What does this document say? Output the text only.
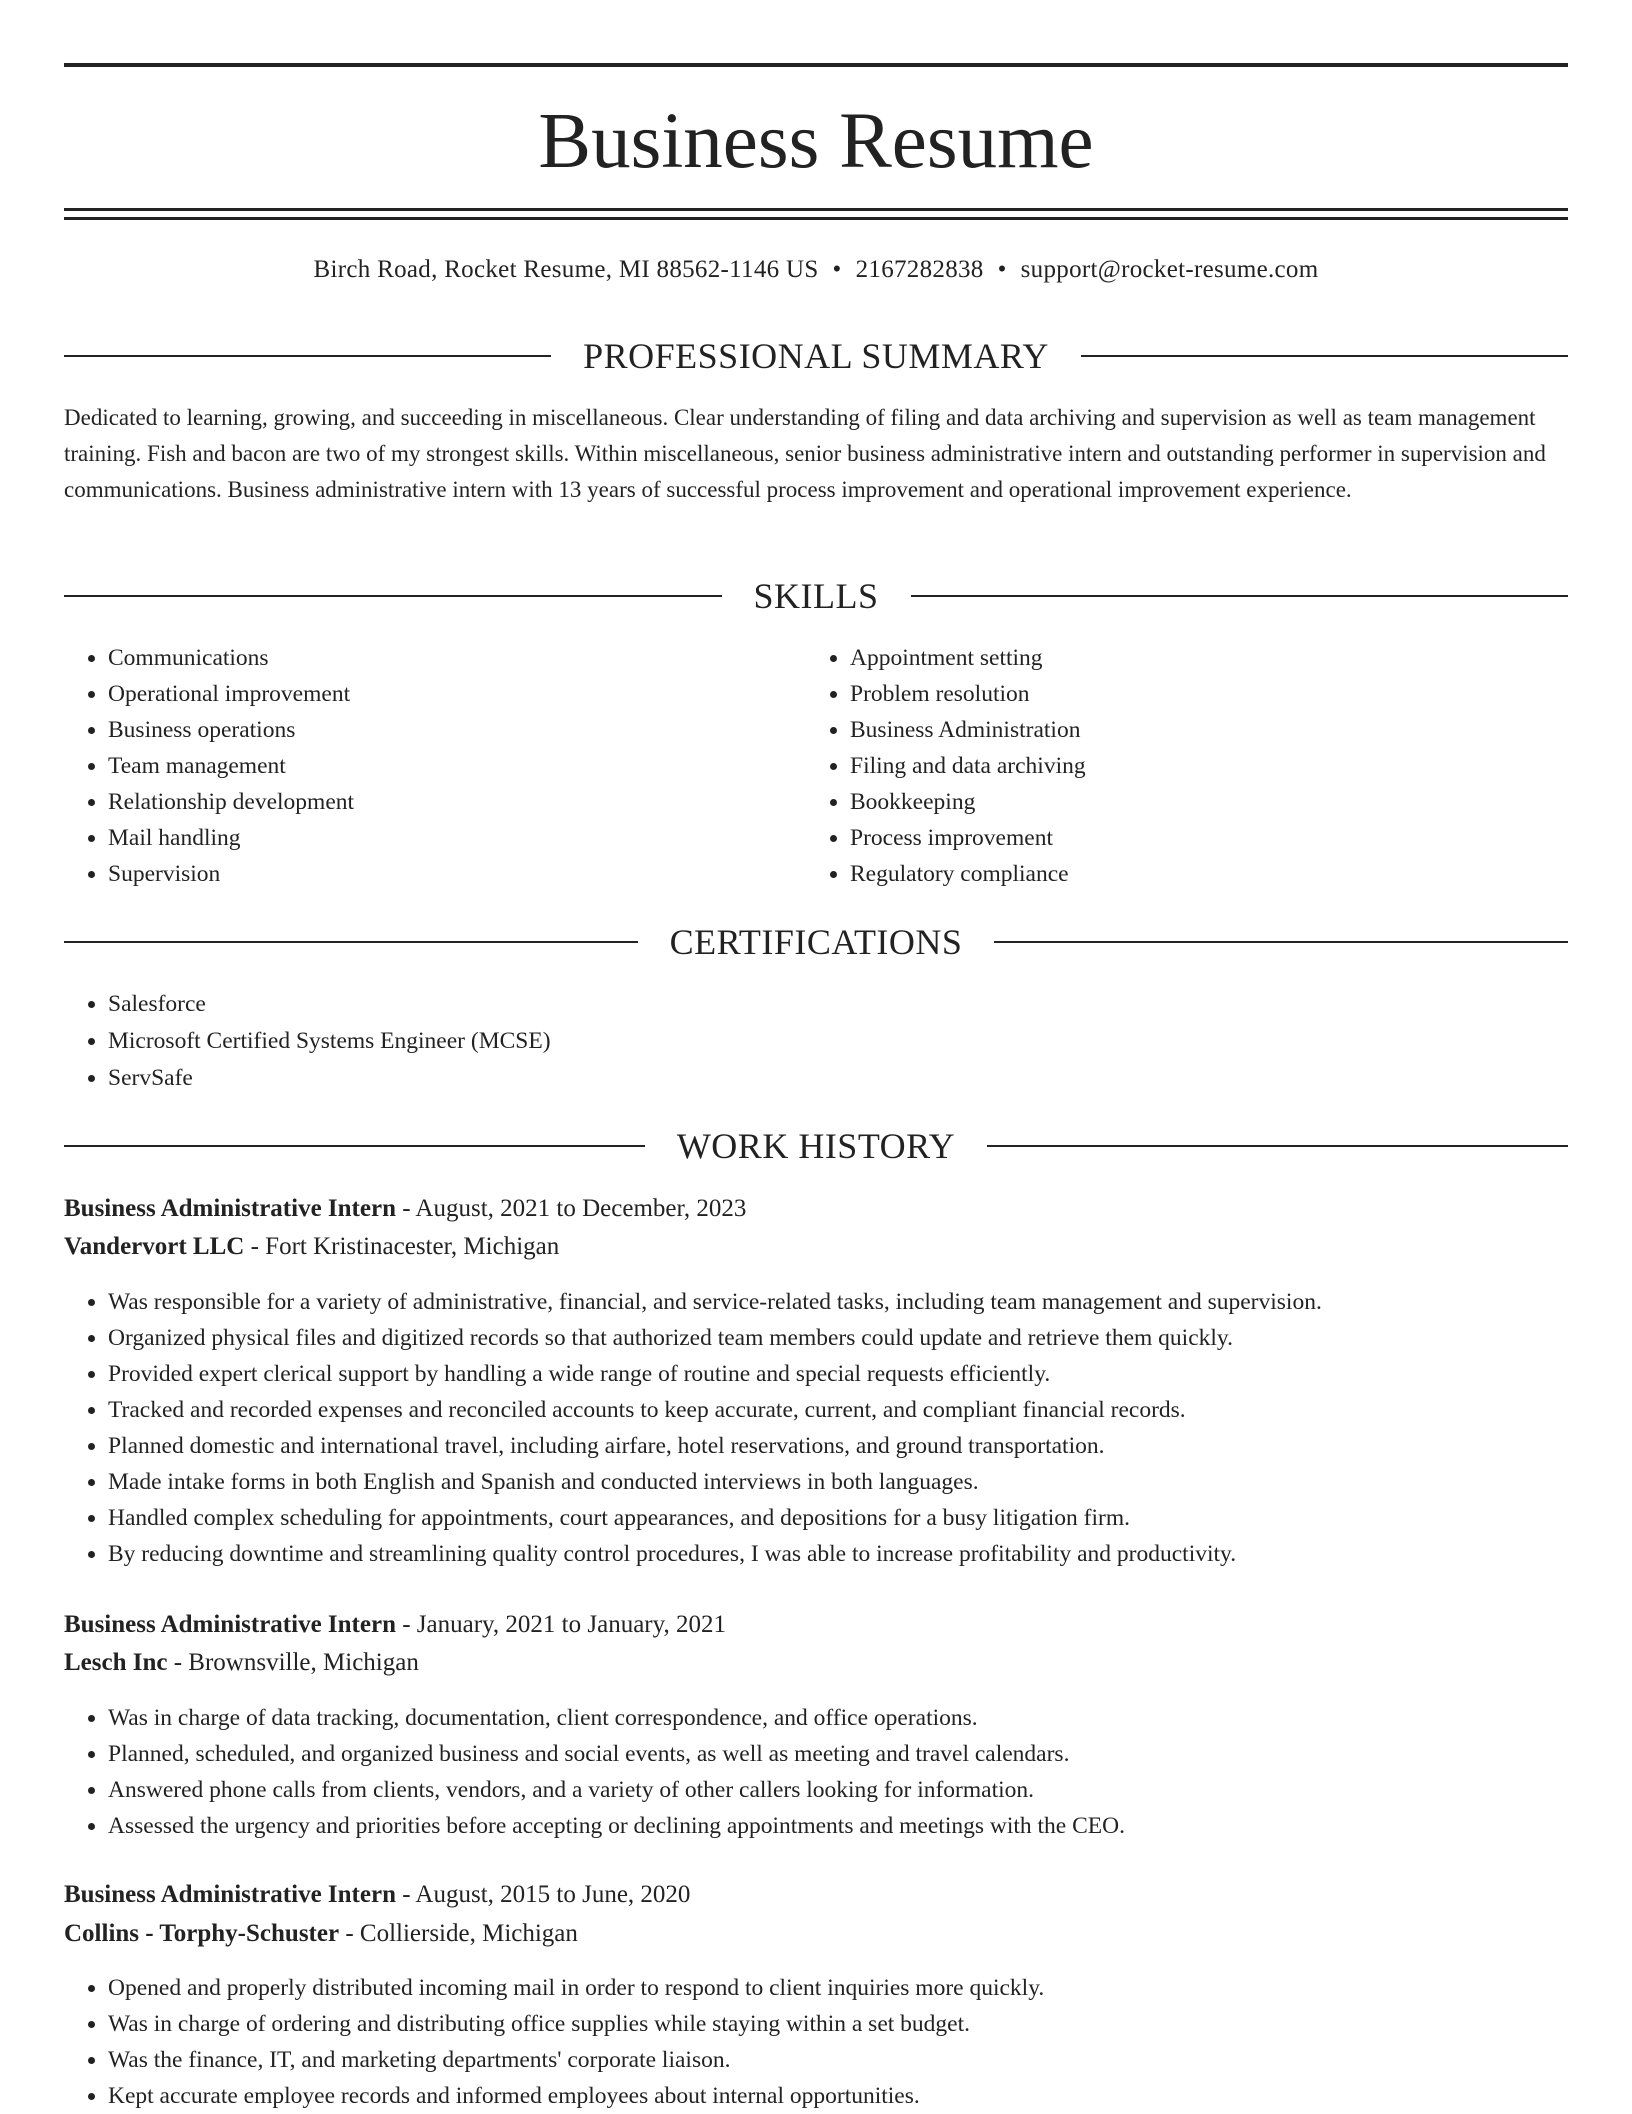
Business Resume
Birch Road, Rocket Resume, MI 88562-1146 US • 2167282838 • support@rocket-resume.com
PROFESSIONAL SUMMARY

Dedicated to learning, growing, and succeeding in miscellaneous. Clear understanding of filing and data archiving and supervision as well as team management training. Fish and bacon are two of my strongest skills. Within miscellaneous, senior business administrative intern and outstanding performer in supervision and communications. Business administrative intern with 13 years of successful process improvement and operational improvement experience.

SKILLS
• Communications
• Operational improvement
• Business operations
• Team management
• Relationship development
• Mail handling
• Supervision
• Appointment setting
• Problem resolution
• Business Administration
• Filing and data archiving
• Bookkeeping
• Process improvement
• Regulatory compliance
CERTIFICATIONS
• Salesforce
• Microsoft Certified Systems Engineer (MCSE)
• ServSafe
WORK HISTORY
Business Administrative Intern - August, 2021 to December, 2023
Vandervort LLC - Fort Kristinacester, Michigan
• Was responsible for a variety of administrative, financial, and service-related tasks, including team management and supervision.
• Organized physical files and digitized records so that authorized team members could update and retrieve them quickly.
• Provided expert clerical support by handling a wide range of routine and special requests efficiently.
• Tracked and recorded expenses and reconciled accounts to keep accurate, current, and compliant financial records.
• Planned domestic and international travel, including airfare, hotel reservations, and ground transportation.
• Made intake forms in both English and Spanish and conducted interviews in both languages.
• Handled complex scheduling for appointments, court appearances, and depositions for a busy litigation firm.
• By reducing downtime and streamlining quality control procedures, I was able to increase profitability and productivity.
Business Administrative Intern - January, 2021 to January, 2021
Lesch Inc - Brownsville, Michigan
• Was in charge of data tracking, documentation, client correspondence, and office operations.
• Planned, scheduled, and organized business and social events, as well as meeting and travel calendars.
• Answered phone calls from clients, vendors, and a variety of other callers looking for information.
• Assessed the urgency and priorities before accepting or declining appointments and meetings with the CEO.
Business Administrative Intern - August, 2015 to June, 2020
Collins - Torphy-Schuster - Collierside, Michigan
• Opened and properly distributed incoming mail in order to respond to client inquiries more quickly.
• Was in charge of ordering and distributing office supplies while staying within a set budget.
• Was the finance, IT, and marketing departments' corporate liaison.
• Kept accurate employee records and informed employees about internal opportunities.
